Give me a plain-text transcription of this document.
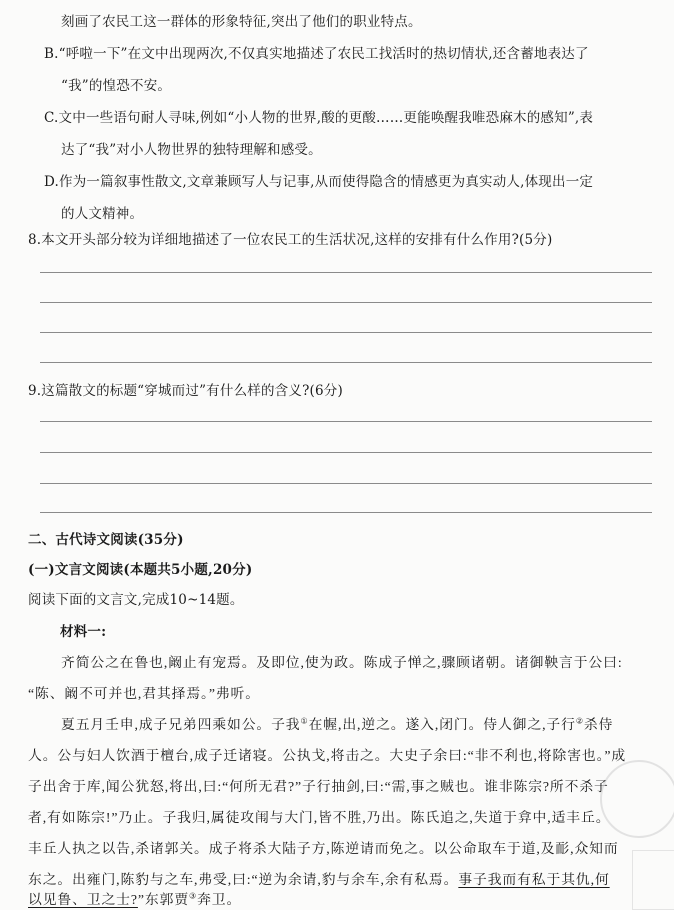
刻画了农民工这一群体的形象特征,突出了他们的职业特点。
B.“呼啦一下”在文中出现两次,不仅真实地描述了农民工找活时的热切情状,还含蓄地表达了
“我”的惶恐不安。
C.文中一些语句耐人寻味,例如“小人物的世界,酸的更酸……更能唤醒我唯恐麻木的感知”,表
达了“我”对小人物世界的独特理解和感受。
D.作为一篇叙事性散文,文章兼顾写人与记事,从而使得隐含的情感更为真实动人,体现出一定
的人文精神。
8.本文开头部分较为详细地描述了一位农民工的生活状况,这样的安排有什么作用?(5分)
9.这篇散文的标题“穿城而过”有什么样的含义?(6分)
二、古代诗文阅读(35分)
(一)文言文阅读(本题共5小题,20分)
阅读下面的文言文,完成10~14题。
材料一:
齐简公之在鲁也,阚止有宠焉。及即位,使为政。陈成子惮之,骤顾诸朝。诸御鞅言于公曰:
“陈、阚不可并也,君其择焉。”弗听。
夏五月壬申,成子兄弟四乘如公。子我①在幄,出,逆之。遂入,闭门。侍人御之,子行②杀侍
人。公与妇人饮酒于檀台,成子迁诸寝。公执戈,将击之。大史子余曰:“非不利也,将除害也。”成
子出舍于库,闻公犹怒,将出,曰:“何所无君?”子行抽剑,曰:“需,事之贼也。谁非陈宗?所不杀子
者,有如陈宗!”乃止。子我归,属徒攻闱与大门,皆不胜,乃出。陈氏追之,失道于弇中,适丰丘。
丰丘人执之以告,杀诸郭关。成子将杀大陆子方,陈逆请而免之。以公命取车于道,及耏,众知而
东之。出雍门,陈豹与之车,弗受,曰:“逆为余请,豹与余车,余有私焉。事子我而有私于其仇,何
以见鲁、卫之士?”东郭贾③奔卫。
